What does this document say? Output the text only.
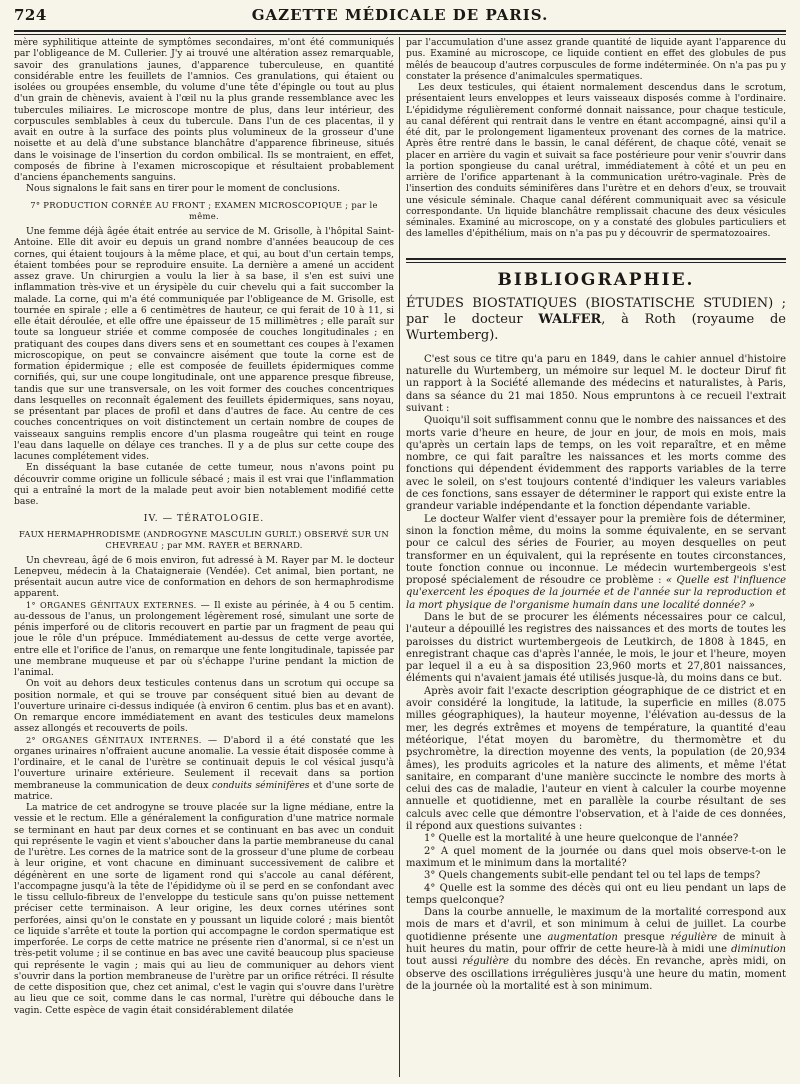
724	GAZETTE MÉDICALE DE PARIS.

mère syphilitique atteinte de symptômes secondaires, m'ont été communiqués par l'obligeance de M. Cullerier. J'y ai trouvé une altération assez remarquable, savoir des granulations jaunes, d'apparence tuberculeuse, en quantité considérable entre les feuillets de l'amnios. Ces granulations, qui étaient ou isolées ou groupées ensemble, du volume d'une tête d'épingle ou tout au plus d'un grain de chènevis, avaient à l'œil nu la plus grande ressemblance avec les tubercules miliaires. Le microscope montre de plus, dans leur intérieur, des corpuscules semblables à ceux du tubercule. Dans l'un de ces placentas, il y avait en outre à la surface des points plus volumineux de la grosseur d'une noisette et au delà d'une substance blanchâtre d'apparence fibrineuse, situés dans le voisinage de l'insertion du cordon ombilical. Ils se montraient, en effet, composés de fibrine à l'examen microscopique et résultaient probablement d'anciens épanchements sanguins.

Nous signalons le fait sans en tirer pour le moment de conclusions.

7° PRODUCTION CORNÉE AU FRONT ; EXAMEN MICROSCOPIQUE ; par le même.

Une femme déjà âgée était entrée au service de M. Grisolle, à l'hôpital Saint-Antoine. Elle dit avoir eu depuis un grand nombre d'années beaucoup de ces cornes, qui étaient toujours à la même place, et qui, au bout d'un certain temps, étaient tombées pour se reproduire ensuite. La dernière a amené un accident assez grave. Un chirurgien a voulu la lier à sa base, il s'en est suivi une inflammation très-vive et un érysipèle du cuir chevelu qui a fait succomber la malade. La corne, qui m'a été communiquée par l'obligeance de M. Grisolle, est tournée en spirale ; elle a 6 centimètres de hauteur, ce qui ferait de 10 à 11, si elle était déroulée, et elle offre une épaisseur de 15 millimètres ; elle paraît sur toute sa longueur striée et comme composée de couches longitudinales ; en pratiquant des coupes dans divers sens et en soumettant ces coupes à l'examen microscopique, on peut se convaincre aisément que toute la corne est de formation épidermique ; elle est composée de feuillets épidermiques comme cornifiés, qui, sur une coupe longitudinale, ont une apparence presque fibreuse, tandis que sur une transversale, on les voit former des couches concentriques dans lesquelles on reconnaît également des feuillets épidermiques, sans noyau, se présentant par places de profil et dans d'autres de face. Au centre de ces couches concentriques on voit distinctement un certain nombre de coupes de vaisseaux sanguins remplis encore d'un plasma rougeâtre qui teint en rouge l'eau dans laquelle on délaye ces tranches. Il y a de plus sur cette coupe des lacunes complétement vides.

En disséquant la base cutanée de cette tumeur, nous n'avons point pu découvrir comme origine un follicule sébacé ; mais il est vrai que l'inflammation qui a entraîné la mort de la malade peut avoir bien notablement modifié cette base.

IV. — TÉRATOLOGIE.
FAUX HERMAPHRODISME (ANDROGYNE MASCULIN GURLT.) OBSERVÉ SUR UN CHEVREAU ; par MM. RAYER et BERNARD.

Un chevreau, âgé de 6 mois environ, fut adressé à M. Rayer par M. le docteur Lenepveu, médecin à la Chataigneraie (Vendée). Cet animal, bien portant, ne présentait aucun autre vice de conformation en dehors de son hermaphrodisme apparent.

1° ORGANES GÉNITAUX EXTERNES. — Il existe au périnée, à 4 ou 5 centim. au-dessous de l'anus, un prolongement légèrement rosé, simulant une sorte de pénis imperforé ou de clitoris recouvert en partie par un fragment de peau qui joue le rôle d'un prépuce. Immédiatement au-dessus de cette verge avortée, entre elle et l'orifice de l'anus, on remarque une fente longitudinale, tapissée par une membrane muqueuse et par où s'échappe l'urine pendant la miction de l'animal.

On voit au dehors deux testicules contenus dans un scrotum qui occupe sa position normale, et qui se trouve par conséquent situé bien au devant de l'ouverture urinaire ci-dessus indiquée (à environ 6 centim. plus bas et en avant). On remarque encore immédiatement en avant des testicules deux mamelons assez allongés et recouverts de poils.

2° ORGANES GÉNITAUX INTERNES. — D'abord il a été constaté que les organes urinaires n'offraient aucune anomalie. La vessie était disposée comme à l'ordinaire, et le canal de l'urètre se continuait depuis le col vésical jusqu'à l'ouverture urinaire extérieure. Seulement il recevait dans sa portion membraneuse la communication de deux conduits séminifères et d'une sorte de matrice.

La matrice de cet androgyne se trouve placée sur la ligne médiane, entre la vessie et le rectum. Elle a généralement la configuration d'une matrice normale se terminant en haut par deux cornes et se continuant en bas avec un conduit qui représente le vagin et vient s'aboucher dans la partie membraneuse du canal de l'urètre. Les cornes de la matrice sont de la grosseur d'une plume de corbeau à leur origine, et vont chacune en diminuant successivement de calibre et dégénèrent en une sorte de ligament rond qui s'accole au canal déférent, l'accompagne jusqu'à la tête de l'épididyme où il se perd en se confondant avec le tissu cellulo-fibreux de l'enveloppe du testicule sans qu'on puisse nettement préciser cette terminaison. A leur origine, les deux cornes utérines sont perforées, ainsi qu'on le constate en y poussant un liquide coloré ; mais bientôt ce liquide s'arrête et toute la portion qui accompagne le cordon spermatique est imperforée. Le corps de cette matrice ne présente rien d'anormal, si ce n'est un très-petit volume ; il se continue en bas avec une cavité beaucoup plus spacieuse qui représente le vagin ; mais qui au lieu de communiquer au dehors vient s'ouvrir dans la portion membraneuse de l'urètre par un orifice rétréci. Il résulte de cette disposition que, chez cet animal, c'est le vagin qui s'ouvre dans l'urètre au lieu que ce soit, comme dans le cas normal, l'urètre qui débouche dans le vagin. Cette espèce de vagin était considérablement dilatée

par l'accumulation d'une assez grande quantité de liquide ayant l'apparence du pus. Examiné au microscope, ce liquide contient en effet des globules de pus mêlés de beaucoup d'autres corpuscules de forme indéterminée. On n'a pas pu y constater la présence d'animalcules spermatiques.

Les deux testicules, qui étaient normalement descendus dans le scrotum, présentaient leurs enveloppes et leurs vaisseaux disposés comme à l'ordinaire. L'épididyme régulièrement conformé donnait naissance, pour chaque testicule, au canal déférent qui rentrait dans le ventre en étant accompagné, ainsi qu'il a été dit, par le prolongement ligamenteux provenant des cornes de la matrice. Après être rentré dans le bassin, le canal déférent, de chaque côté, venait se placer en arrière du vagin et suivait sa face postérieure pour venir s'ouvrir dans la portion spongieuse du canal urétral, immédiatement à côté et un peu en arrière de l'orifice appartenant à la communication urétro-vaginale. Près de l'insertion des conduits séminifères dans l'urètre et en dehors d'eux, se trouvait une vésicule séminale. Chaque canal déférent communiquait avec sa vésicule correspondante. Un liquide blanchâtre remplissait chacune des deux vésicules séminales. Examiné au microscope, on y a constaté des globules particuliers et des lamelles d'épithélium, mais on n'a pas pu y découvrir de spermatozoaires.

BIBLIOGRAPHIE.
ÉTUDES BIOSTATIQUES (BIOSTATISCHE STUDIEN) ; par le docteur WALFER, à Roth (royaume de Wurtemberg).

C'est sous ce titre qu'a paru en 1849, dans le cahier annuel d'histoire naturelle du Wurtemberg, un mémoire sur lequel M. le docteur Diruf fit un rapport à la Société allemande des médecins et naturalistes, à Paris, dans sa séance du 21 mai 1850. Nous empruntons à ce recueil l'extrait suivant :

Quoiqu'il soit suffisamment connu que le nombre des naissances et des morts varie d'heure en heure, de jour en jour, de mois en mois, mais qu'après un certain laps de temps, on les voit reparaître, et en même nombre, ce qui fait paraître les naissances et les morts comme des fonctions qui dépendent évidemment des rapports variables de la terre avec le soleil, on s'est toujours contenté d'indiquer les valeurs variables de ces fonctions, sans essayer de déterminer le rapport qui existe entre la grandeur variable indépendante et la fonction dépendante variable.

Le docteur Walfer vient d'essayer pour la première fois de déterminer, sinon la fonction même, du moins la somme équivalente, en se servant pour ce calcul des séries de Fourier, au moyen desquelles on peut transformer en un équivalent, qui la représente en toutes circonstances, toute fonction connue ou inconnue. Le médecin wurtembergeois s'est proposé spécialement de résoudre ce problème : « Quelle est l'influence qu'exercent les époques de la journée et de l'année sur la reproduction et la mort physique de l'organisme humain dans une localité donnée? »

Dans le but de se procurer les éléments nécessaires pour ce calcul, l'auteur a dépouillé les registres des naissances et des morts de toutes les paroisses du district wurtembergeois de Leutkirch, de 1808 à 1845, en enregistrant chaque cas d'après l'année, le mois, le jour et l'heure, moyen par lequel il a eu à sa disposition 23,960 morts et 27,801 naissances, éléments qui n'avaient jamais été utilisés jusque-là, du moins dans ce but.

Après avoir fait l'exacte description géographique de ce district et en avoir considéré la longitude, la latitude, la superficie en milles (8.075 milles géographiques), la hauteur moyenne, l'élévation au-dessus de la mer, les degrés extrêmes et moyens de température, la quantité d'eau météorique, l'état moyen du baromètre, du thermomètre et du psychromètre, la direction moyenne des vents, la population (de 20,934 âmes), les produits agricoles et la nature des aliments, et même l'état sanitaire, en comparant d'une manière succincte le nombre des morts à celui des cas de maladie, l'auteur en vient à calculer la courbe moyenne annuelle et quotidienne, met en parallèle la courbe résultant de ses calculs avec celle que démontre l'observation, et à l'aide de ces données, il répond aux questions suivantes :

1° Quelle est la mortalité à une heure quelconque de l'année?

2° A quel moment de la journée ou dans quel mois observe-t-on le maximum et le minimum dans la mortalité?

3° Quels changements subit-elle pendant tel ou tel laps de temps?

4° Quelle est la somme des décès qui ont eu lieu pendant un laps de temps quelconque?

Dans la courbe annuelle, le maximum de la mortalité correspond aux mois de mars et d'avril, et son minimum à celui de juillet. La courbe quotidienne présente une augmentation presque régulière de minuit à huit heures du matin, pour offrir de cette heure-là à midi une diminution tout aussi régulière du nombre des décès. En revanche, après midi, on observe des oscillations irrégulières jusqu'à une heure du matin, moment de la journée où la mortalité est à son minimum.
